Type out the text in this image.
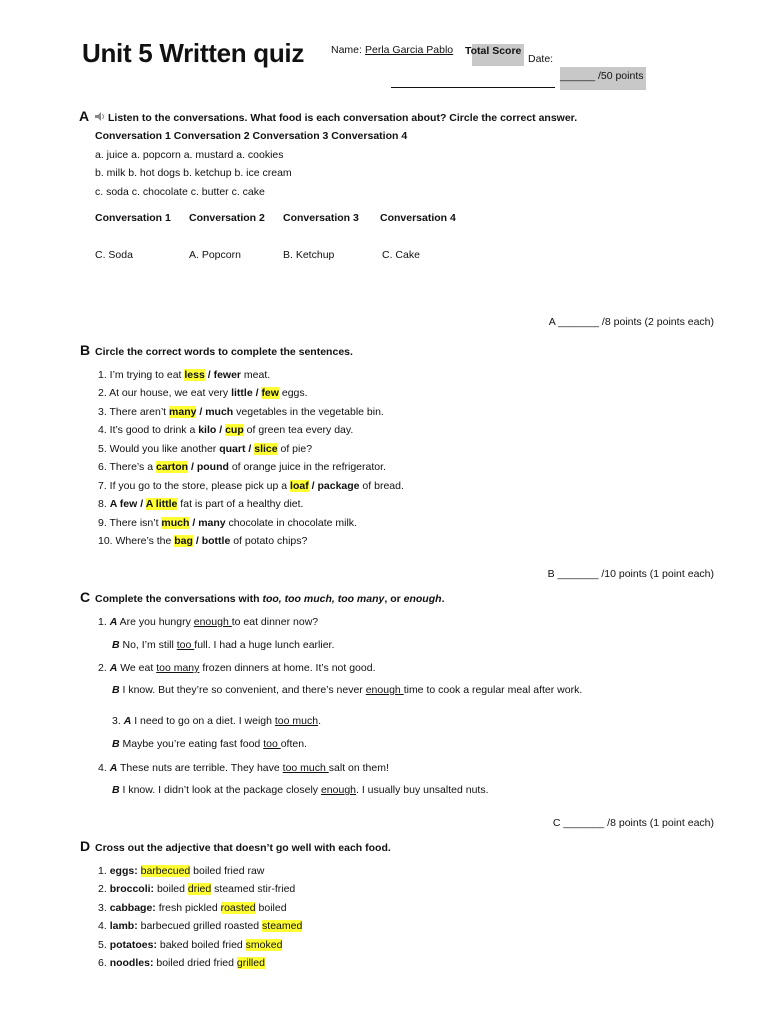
Unit 5 Written quiz	Name: Perla Garcia Pablo Total Score
Date:
______ /50 points
A	Listen to the conversations. What food is each conversation about? Circle the correct answer.
Conversation 1 Conversation 2 Conversation 3 Conversation 4
a. juice a. popcorn a. mustard a. cookies
b. milk b. hot dogs b. ketchup b. ice cream
c. soda c. chocolate c. butter c. cake
Conversation 1 Conversation 2 Conversation 3 Conversation 4
C. Soda	A. Popcorn	B. Ketchup	C. Cake
A _______ /8 points (2 points each)
B Circle the correct words to complete the sentences.
1. I’m trying to eat less / fewer meat.
2. At our house, we eat very little / few eggs.
3. There aren’t many / much vegetables in the vegetable bin.
4. It’s good to drink a kilo / cup of green tea every day.
5. Would you like another quart / slice of pie?
6. There’s a carton / pound of orange juice in the refrigerator.
7. If you go to the store, please pick up a loaf / package of bread.
8. A few / A little fat is part of a healthy diet.
9. There isn’t much / many chocolate in chocolate milk.
10. Where’s the bag / bottle of potato chips?
B _______ /10 points (1 point each)
C Complete the conversations with too, too much, too many, or enough.
1. A Are you hungry enough to eat dinner now?
B No, I’m still too full. I had a huge lunch earlier.
2. A We eat too many frozen dinners at home. It’s not good.
B I know. But they’re so convenient, and there’s never enough time to cook a regular meal after work.
3. A I need to go on a diet. I weigh too much.
B Maybe you’re eating fast food too often.
4. A These nuts are terrible. They have too much salt on them!
B I know. I didn’t look at the package closely enough. I usually buy unsalted nuts.
C _______ /8 points (1 point each)
D Cross out the adjective that doesn’t go well with each food.
1. eggs: barbecued boiled fried raw
2. broccoli: boiled dried steamed stir-fried
3. cabbage: fresh pickled roasted boiled
4. lamb: barbecued grilled roasted steamed
5. potatoes: baked boiled fried smoked
6. noodles: boiled dried fried grilled
